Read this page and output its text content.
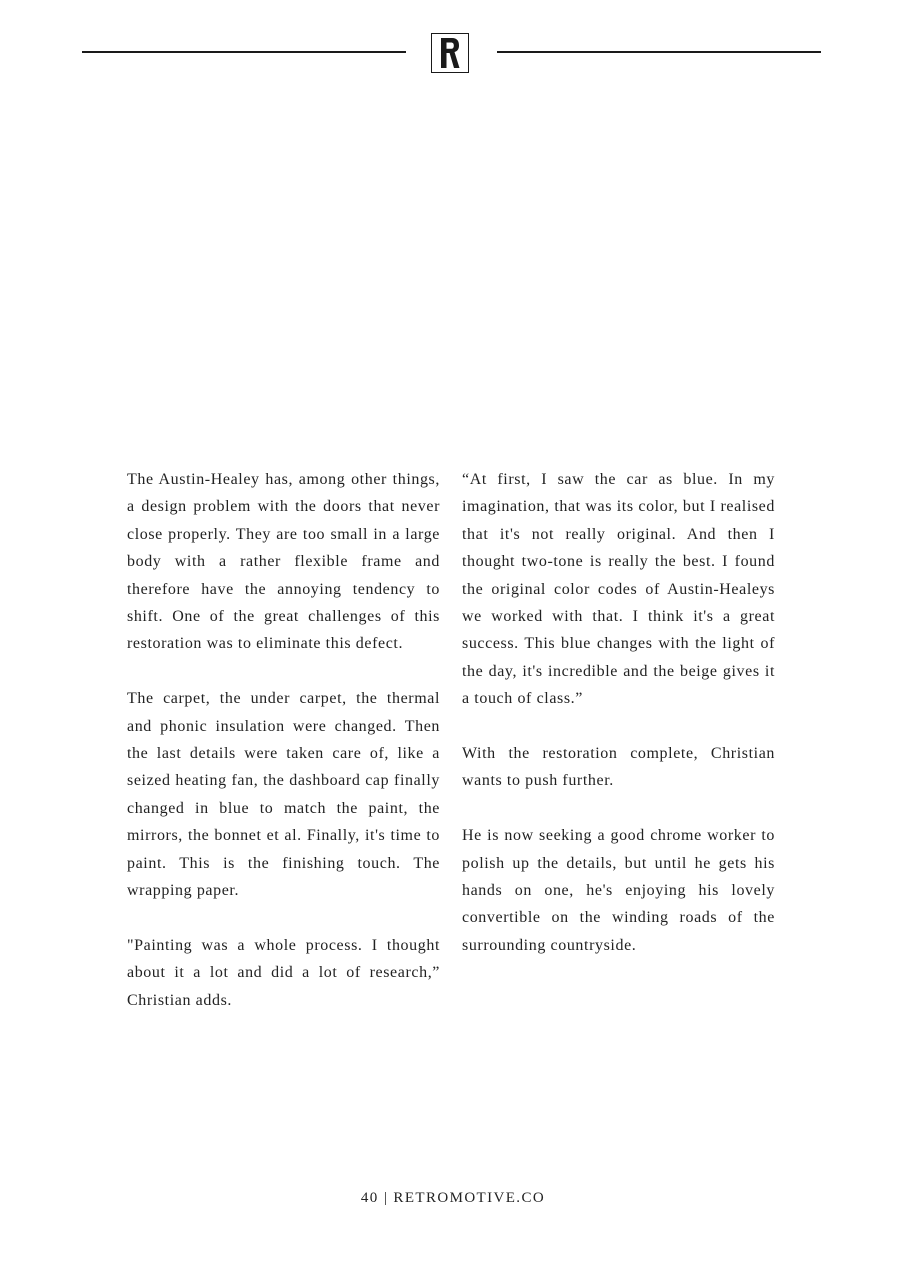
The Austin-Healey has, among other things, a design problem with the doors that never close properly. They are too small in a large body with a rather flexible frame and therefore have the annoying tendency to shift. One of the great challenges of this restoration was to eliminate this defect.

The carpet, the under carpet, the thermal and phonic insulation were changed. Then the last details were taken care of, like a seized heating fan, the dashboard cap finally changed in blue to match the paint, the mirrors, the bonnet et al. Finally, it's time to paint. This is the finishing touch. The wrapping paper.

"Painting was a whole process. I thought about it a lot and did a lot of research,” Christian adds.

“At first, I saw the car as blue. In my imagination, that was its color, but I realised that it's not really original. And then I thought two-tone is really the best. I found the original color codes of Austin-Healeys we worked with that. I think it's a great success. This blue changes with the light of the day, it's incredible and the beige gives it a touch of class.”

With the restoration complete, Christian wants to push further.

He is now seeking a good chrome worker to polish up the details, but until he gets his hands on one, he's enjoying his lovely convertible on the winding roads of the surrounding countryside.

40 | RETROMOTIVE.CO
